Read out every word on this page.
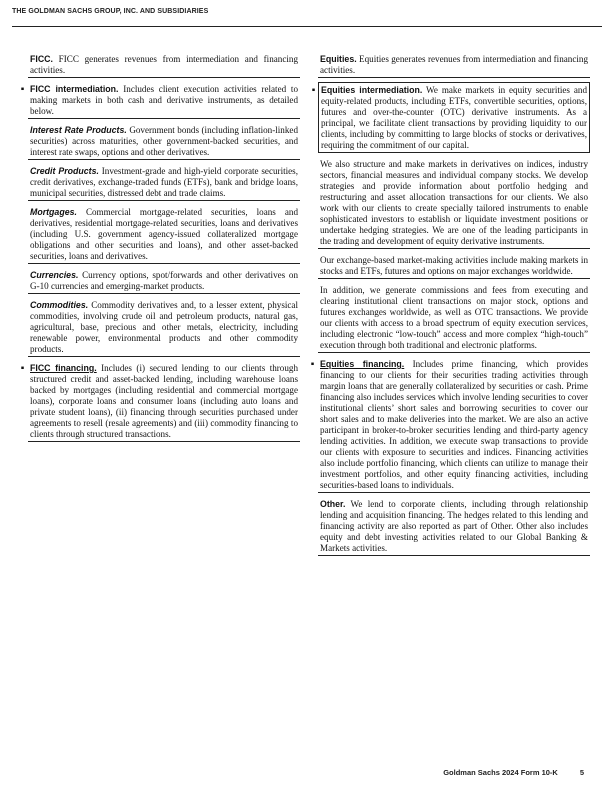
THE GOLDMAN SACHS GROUP, INC. AND SUBSIDIARIES
FICC. FICC generates revenues from intermediation and financing activities.
▪ FICC intermediation. Includes client execution activities related to making markets in both cash and derivative instruments, as detailed below.
Interest Rate Products. Government bonds (including inflation-linked securities) across maturities, other government-backed securities, and interest rate swaps, options and other derivatives.
Credit Products. Investment-grade and high-yield corporate securities, credit derivatives, exchange-traded funds (ETFs), bank and bridge loans, municipal securities, distressed debt and trade claims.
Mortgages. Commercial mortgage-related securities, loans and derivatives, residential mortgage-related securities, loans and derivatives (including U.S. government agency-issued collateralized mortgage obligations and other securities and loans), and other asset-backed securities, loans and derivatives.
Currencies. Currency options, spot/forwards and other derivatives on G-10 currencies and emerging-market products.
Commodities. Commodity derivatives and, to a lesser extent, physical commodities, involving crude oil and petroleum products, natural gas, agricultural, base, precious and other metals, electricity, including renewable power, environmental products and other commodity products.
▪ FICC financing. Includes (i) secured lending to our clients through structured credit and asset-backed lending, including warehouse loans backed by mortgages (including residential and commercial mortgage loans), corporate loans and consumer loans (including auto loans and private student loans), (ii) financing through securities purchased under agreements to resell (resale agreements) and (iii) commodity financing to clients through structured transactions.
Equities. Equities generates revenues from intermediation and financing activities.
▪ Equities intermediation. We make markets in equity securities and equity-related products, including ETFs, convertible securities, options, futures and over-the-counter (OTC) derivative instruments. As a principal, we facilitate client transactions by providing liquidity to our clients, including by committing to large blocks of stocks or derivatives, requiring the commitment of our capital.
We also structure and make markets in derivatives on indices, industry sectors, financial measures and individual company stocks. We develop strategies and provide information about portfolio hedging and restructuring and asset allocation transactions for our clients. We also work with our clients to create specially tailored instruments to enable sophisticated investors to establish or liquidate investment positions or undertake hedging strategies. We are one of the leading participants in the trading and development of equity derivative instruments.
Our exchange-based market-making activities include making markets in stocks and ETFs, futures and options on major exchanges worldwide.
In addition, we generate commissions and fees from executing and clearing institutional client transactions on major stock, options and futures exchanges worldwide, as well as OTC transactions. We provide our clients with access to a broad spectrum of equity execution services, including electronic “low-touch” access and more complex “high-touch” execution through both traditional and electronic platforms.
▪ Equities financing. Includes prime financing, which provides financing to our clients for their securities trading activities through margin loans that are generally collateralized by securities or cash. Prime financing also includes services which involve lending securities to cover institutional clients’ short sales and borrowing securities to cover our short sales and to make deliveries into the market. We are also an active participant in broker-to-broker securities lending and third-party agency lending activities. In addition, we execute swap transactions to provide our clients with exposure to securities and indices. Financing activities also include portfolio financing, which clients can utilize to manage their investment portfolios, and other equity financing activities, including securities-based loans to individuals.
Other. We lend to corporate clients, including through relationship lending and acquisition financing. The hedges related to this lending and financing activity are also reported as part of Other. Other also includes equity and debt investing activities related to our Global Banking & Markets activities.
Goldman Sachs 2024 Form 10-K	5
